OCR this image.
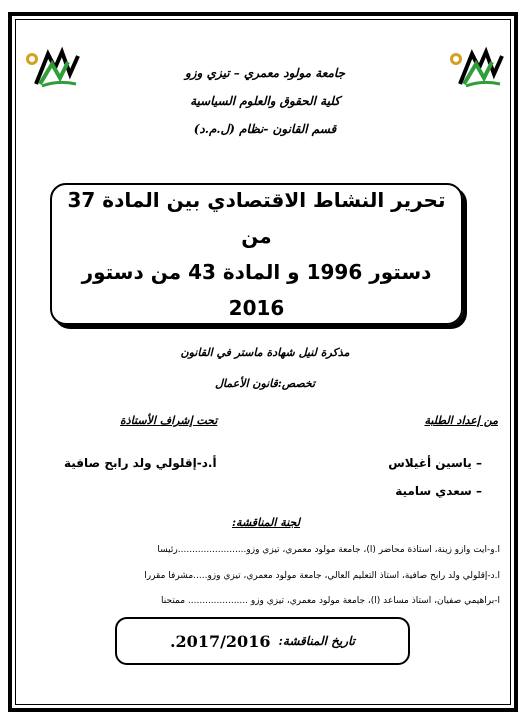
جامعة مولود معمري – تيزي وزو
كلية الحقوق والعلوم السياسية
قسم القانون -نظام (ل.م.د)
تحرير النشاط الاقتصادي بين المادة 37 من
دستور 1996 و المادة 43 من دستور 2016
مذكرة لنيل شهادة ماستر في القانون
تخصص:قانون الأعمال
من إعداد الطلبة
تحت إشراف الأستاذة
– ياسين أغيلاس
– سعدي سامية
أ.د-إقلولي ولد رابح صافية
لجنة المناقشة:
أ.و-أيت وازو زينة، أستاذة محاضر (أ)، جامعة مولود معمري، تيزي وزو........................رئيسا
أ.د-إقلولي ولد رابح صافية، أستاذ التعليم العالي، جامعة مولود معمري، تيزي وزو.....مشرفا مقررا
أ-براهيمي صفيان، أستاذ مساعد (أ)، جامعة مولود معمري، تيزي وزو ..................... ممتحنا
تاريخ المناقشة:
2017/2016.
